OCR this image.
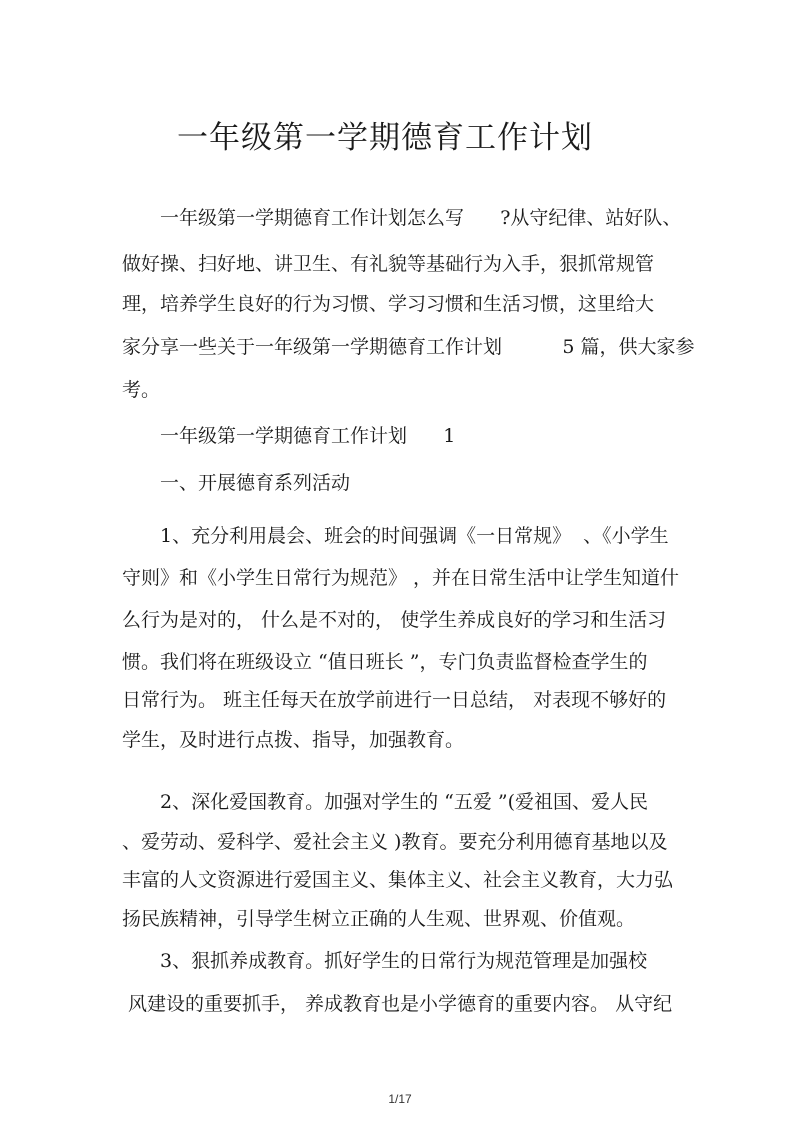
一年级第一学期德育工作计划
一年级第一学期德育工作计划怎么写      ?从守纪律、站好队、
做好操、扫好地、讲卫生、有礼貌等基础行为入手，狠抓常规管
理，培养学生良好的行为习惯、学习习惯和生活习惯，这里给大
家分享一些关于一年级第一学期德育工作计划          5 篇，供大家参
考。
一年级第一学期德育工作计划      1
一、开展德育系列活动
1、充分利用晨会、班会的时间强调《一日常规》  、《小学生
守则》和《小学生日常行为规范》 ，并在日常生活中让学生知道什
么行为是对的， 什么是不对的， 使学生养成良好的学习和生活习
惯。我们将在班级设立 “值日班长 ”，专门负责监督检查学生的
日常行为。 班主任每天在放学前进行一日总结， 对表现不够好的
学生，及时进行点拨、指导，加强教育。
2、深化爱国教育。加强对学生的 “五爱 ”(爱祖国、爱人民
、爱劳动、爱科学、爱社会主义 )教育。要充分利用德育基地以及
丰富的人文资源进行爱国主义、集体主义、社会主义教育，大力弘
扬民族精神，引导学生树立正确的人生观、世界观、价值观。
3、狠抓养成教育。抓好学生的日常行为规范管理是加强校
风建设的重要抓手， 养成教育也是小学德育的重要内容。 从守纪
1/17
